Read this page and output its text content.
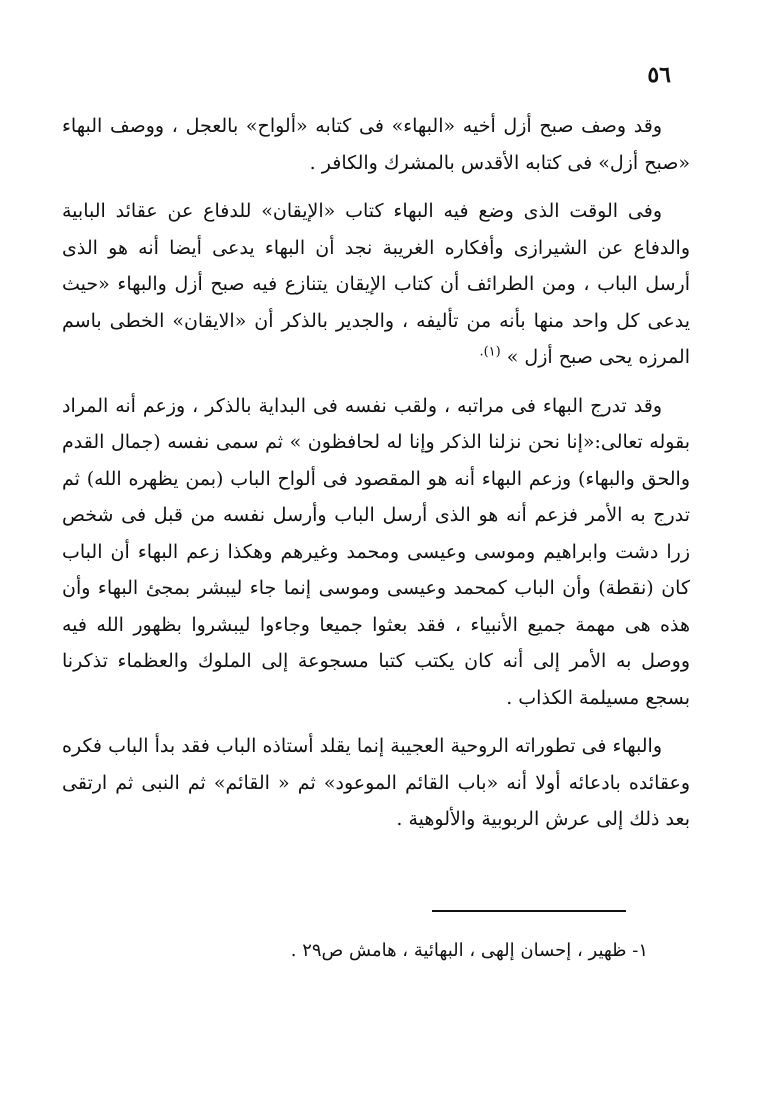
٥٦

وقد وصف صبح أزل أخيه «البهاء» فى كتابه «ألواح» بالعجل ، ووصف البهاء «صبح أزل» فى كتابه الأقدس بالمشرك والكافر .

وفى الوقت الذى وضع فيه البهاء كتاب «الإيقان» للدفاع عن عقائد البابية والدفاع عن الشيرازى وأفكاره الغريبة نجد أن البهاء يدعى أيضا أنه هو الذى أرسل الباب ، ومن الطرائف أن كتاب الإيقان يتنازع فيه صبح أزل والبهاء «حيث يدعى كل واحد منها بأنه من تأليفه ، والجدير بالذكر أن «الايقان» الخطى باسم المرزه يحى صبح أزل » $^{(١).}$

وقد تدرج البهاء فى مراتبه ، ولقب نفسه فى البداية بالذكر ، وزعم أنه المراد بقوله تعالى:«إنا نحن نزلنا الذكر وإنا له لحافظون » ثم سمى نفسه (جمال القدم والحق والبهاء) وزعم البهاء أنه هو المقصود فى ألواح الباب (بمن يظهره الله) ثم تدرج به الأمر فزعم أنه هو الذى أرسل الباب وأرسل نفسه من قبل فى شخص زرا دشت وابراهيم وموسى وعيسى ومحمد وغيرهم وهكذا زعم البهاء أن الباب كان (نقطة) وأن الباب كمحمد وعيسى وموسى إنما جاء ليبشر بمجئ البهاء وأن هذه هى مهمة جميع الأنبياء ، فقد بعثوا جميعا وجاءوا ليبشروا بظهور الله فيه ووصل به الأمر إلى أنه كان يكتب كتبا مسجوعة إلى الملوك والعظماء تذكرنا بسجع مسيلمة الكذاب .

والبهاء فى تطوراته الروحية العجيبة إنما يقلد أستاذه الباب فقد بدأ الباب فكره وعقائده بادعائه أولا أنه «باب القائم الموعود» ثم « القائم» ثم النبى ثم ارتقى بعد ذلك إلى عرش الربوبية والألوهية .

١- ظهير ، إحسان إلهى ، البهائية ، هامش ص٢٩ .
